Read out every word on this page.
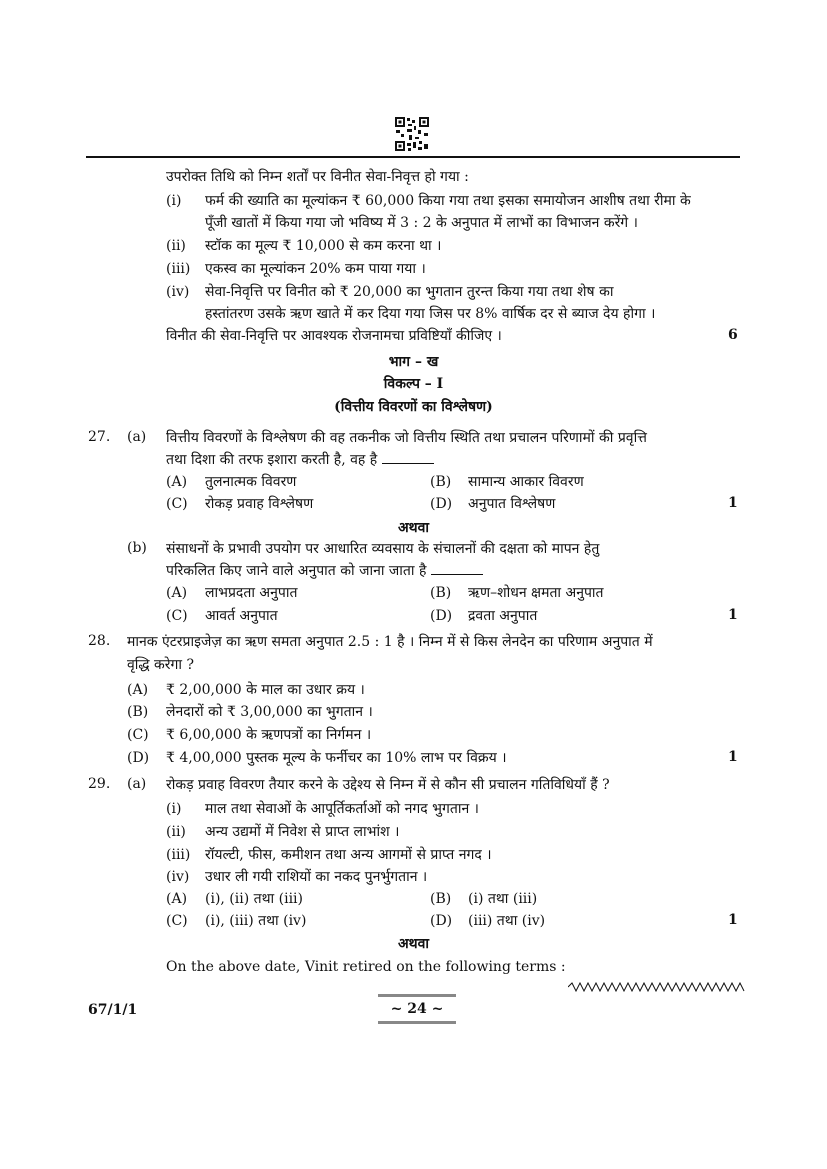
उपरोक्त तिथि को निम्न शर्तों पर विनीत सेवा-निवृत्त हो गया :
(i) फर्म की ख्याति का मूल्यांकन ₹ 60,000 किया गया तथा इसका समायोजन आशीष तथा रीमा के
पूँजी खातों में किया गया जो भविष्य में 3 : 2 के अनुपात में लाभों का विभाजन करेंगे ।
(ii) स्टॉक का मूल्य ₹ 10,000 से कम करना था ।
(iii) एकस्व का मूल्यांकन 20% कम पाया गया ।
(iv) सेवा-निवृत्ति पर विनीत को ₹ 20,000 का भुगतान तुरन्त किया गया तथा शेष का
हस्तांतरण उसके ऋण खाते में कर दिया गया जिस पर 8% वार्षिक दर से ब्याज देय होगा ।
विनीत की सेवा-निवृत्ति पर आवश्यक रोजनामचा प्रविष्टियाँ कीजिए ।	6
भाग – ख
विकल्प – I
(वित्तीय विवरणों का विश्लेषण)
27. (a) वित्तीय विवरणों के विश्लेषण की वह तकनीक जो वित्तीय स्थिति तथा प्रचालन परिणामों की प्रवृत्ति
तथा दिशा की तरफ इशारा करती है, वह है
(A) तुलनात्मक विवरण	(B) सामान्य आकार विवरण
(C) रोकड़ प्रवाह विश्लेषण	(D) अनुपात विश्लेषण	1
अथवा
(b) संसाधनों के प्रभावी उपयोग पर आधारित व्यवसाय के संचालनों की दक्षता को मापन हेतु
परिकलित किए जाने वाले अनुपात को जाना जाता है
(A) लाभप्रदता अनुपात	(B) ऋण–शोधन क्षमता अनुपात
(C) आवर्त अनुपात	(D) द्रवता अनुपात	1
28. मानक एंटरप्राइजेज़ का ऋण समता अनुपात 2.5 : 1 है । निम्न में से किस लेनदेन का परिणाम अनुपात में
वृद्धि करेगा ?
(A) ₹ 2,00,000 के माल का उधार क्रय ।
(B) लेनदारों को ₹ 3,00,000 का भुगतान ।
(C) ₹ 6,00,000 के ऋणपत्रों का निर्गमन ।
(D) ₹ 4,00,000 पुस्तक मूल्य के फर्नीचर का 10% लाभ पर विक्रय ।	1
29. (a) रोकड़ प्रवाह विवरण तैयार करने के उद्देश्य से निम्न में से कौन सी प्रचालन गतिविधियाँ हैं ?
(i) माल तथा सेवाओं के आपूर्तिकर्ताओं को नगद भुगतान ।
(ii) अन्य उद्यमों में निवेश से प्राप्त लाभांश ।
(iii) रॉयल्टी, फीस, कमीशन तथा अन्य आगमों से प्राप्त नगद ।
(iv) उधार ली गयी राशियों का नकद पुनर्भुगतान ।
(A) (i), (ii) तथा (iii)	(B) (i) तथा (iii)
(C) (i), (iii) तथा (iv)	(D) (iii) तथा (iv)	1
अथवा
On the above date, Vinit retired on the following terms :
67/1/1	~ 24 ~
